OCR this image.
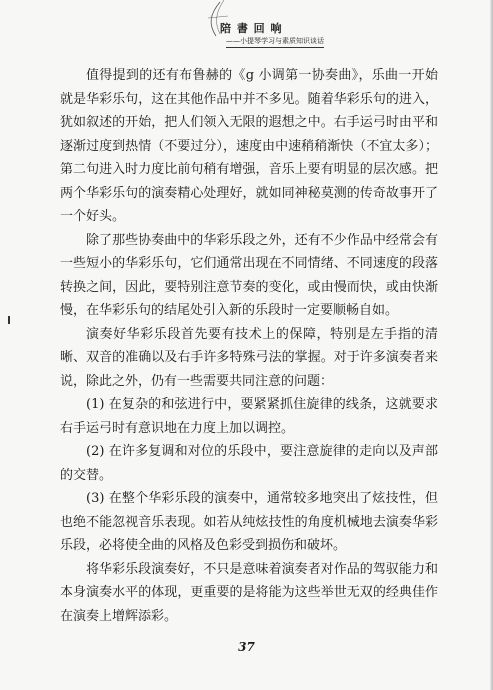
陪 書 回 响
——小提琴学习与素质知识谈话

值得提到的还有布鲁赫的《g 小调第一协奏曲》，乐曲一开始就是华彩乐句，这在其他作品中并不多见。随着华彩乐句的进入，犹如叙述的开始，把人们领入无限的遐想之中。右手运弓时由平和逐渐过度到热情（不要过分），速度由中速稍稍渐快（不宜太多）；第二句进入时力度比前句稍有增强，音乐上要有明显的层次感。把两个华彩乐句的演奏精心处理好，就如同神秘莫测的传奇故事开了一个好头。

除了那些协奏曲中的华彩乐段之外，还有不少作品中经常会有一些短小的华彩乐句，它们通常出现在不同情绪、不同速度的段落转换之间，因此，要特别注意节奏的变化，或由慢而快，或由快渐慢，在华彩乐句的结尾处引入新的乐段时一定要顺畅自如。

演奏好华彩乐段首先要有技术上的保障，特别是左手指的清晰、双音的准确以及右手许多特殊弓法的掌握。对于许多演奏者来说，除此之外，仍有一些需要共同注意的问题：

(1) 在复杂的和弦进行中，要紧紧抓住旋律的线条，这就要求右手运弓时有意识地在力度上加以调控。

(2) 在许多复调和对位的乐段中，要注意旋律的走向以及声部的交替。

(3) 在整个华彩乐段的演奏中，通常较多地突出了炫技性，但也绝不能忽视音乐表现。如若从纯炫技性的角度机械地去演奏华彩乐段，必将使全曲的风格及色彩受到损伤和破坏。

将华彩乐段演奏好，不只是意味着演奏者对作品的驾驭能力和本身演奏水平的体现，更重要的是将能为这些举世无双的经典佳作在演奏上增辉添彩。

37
